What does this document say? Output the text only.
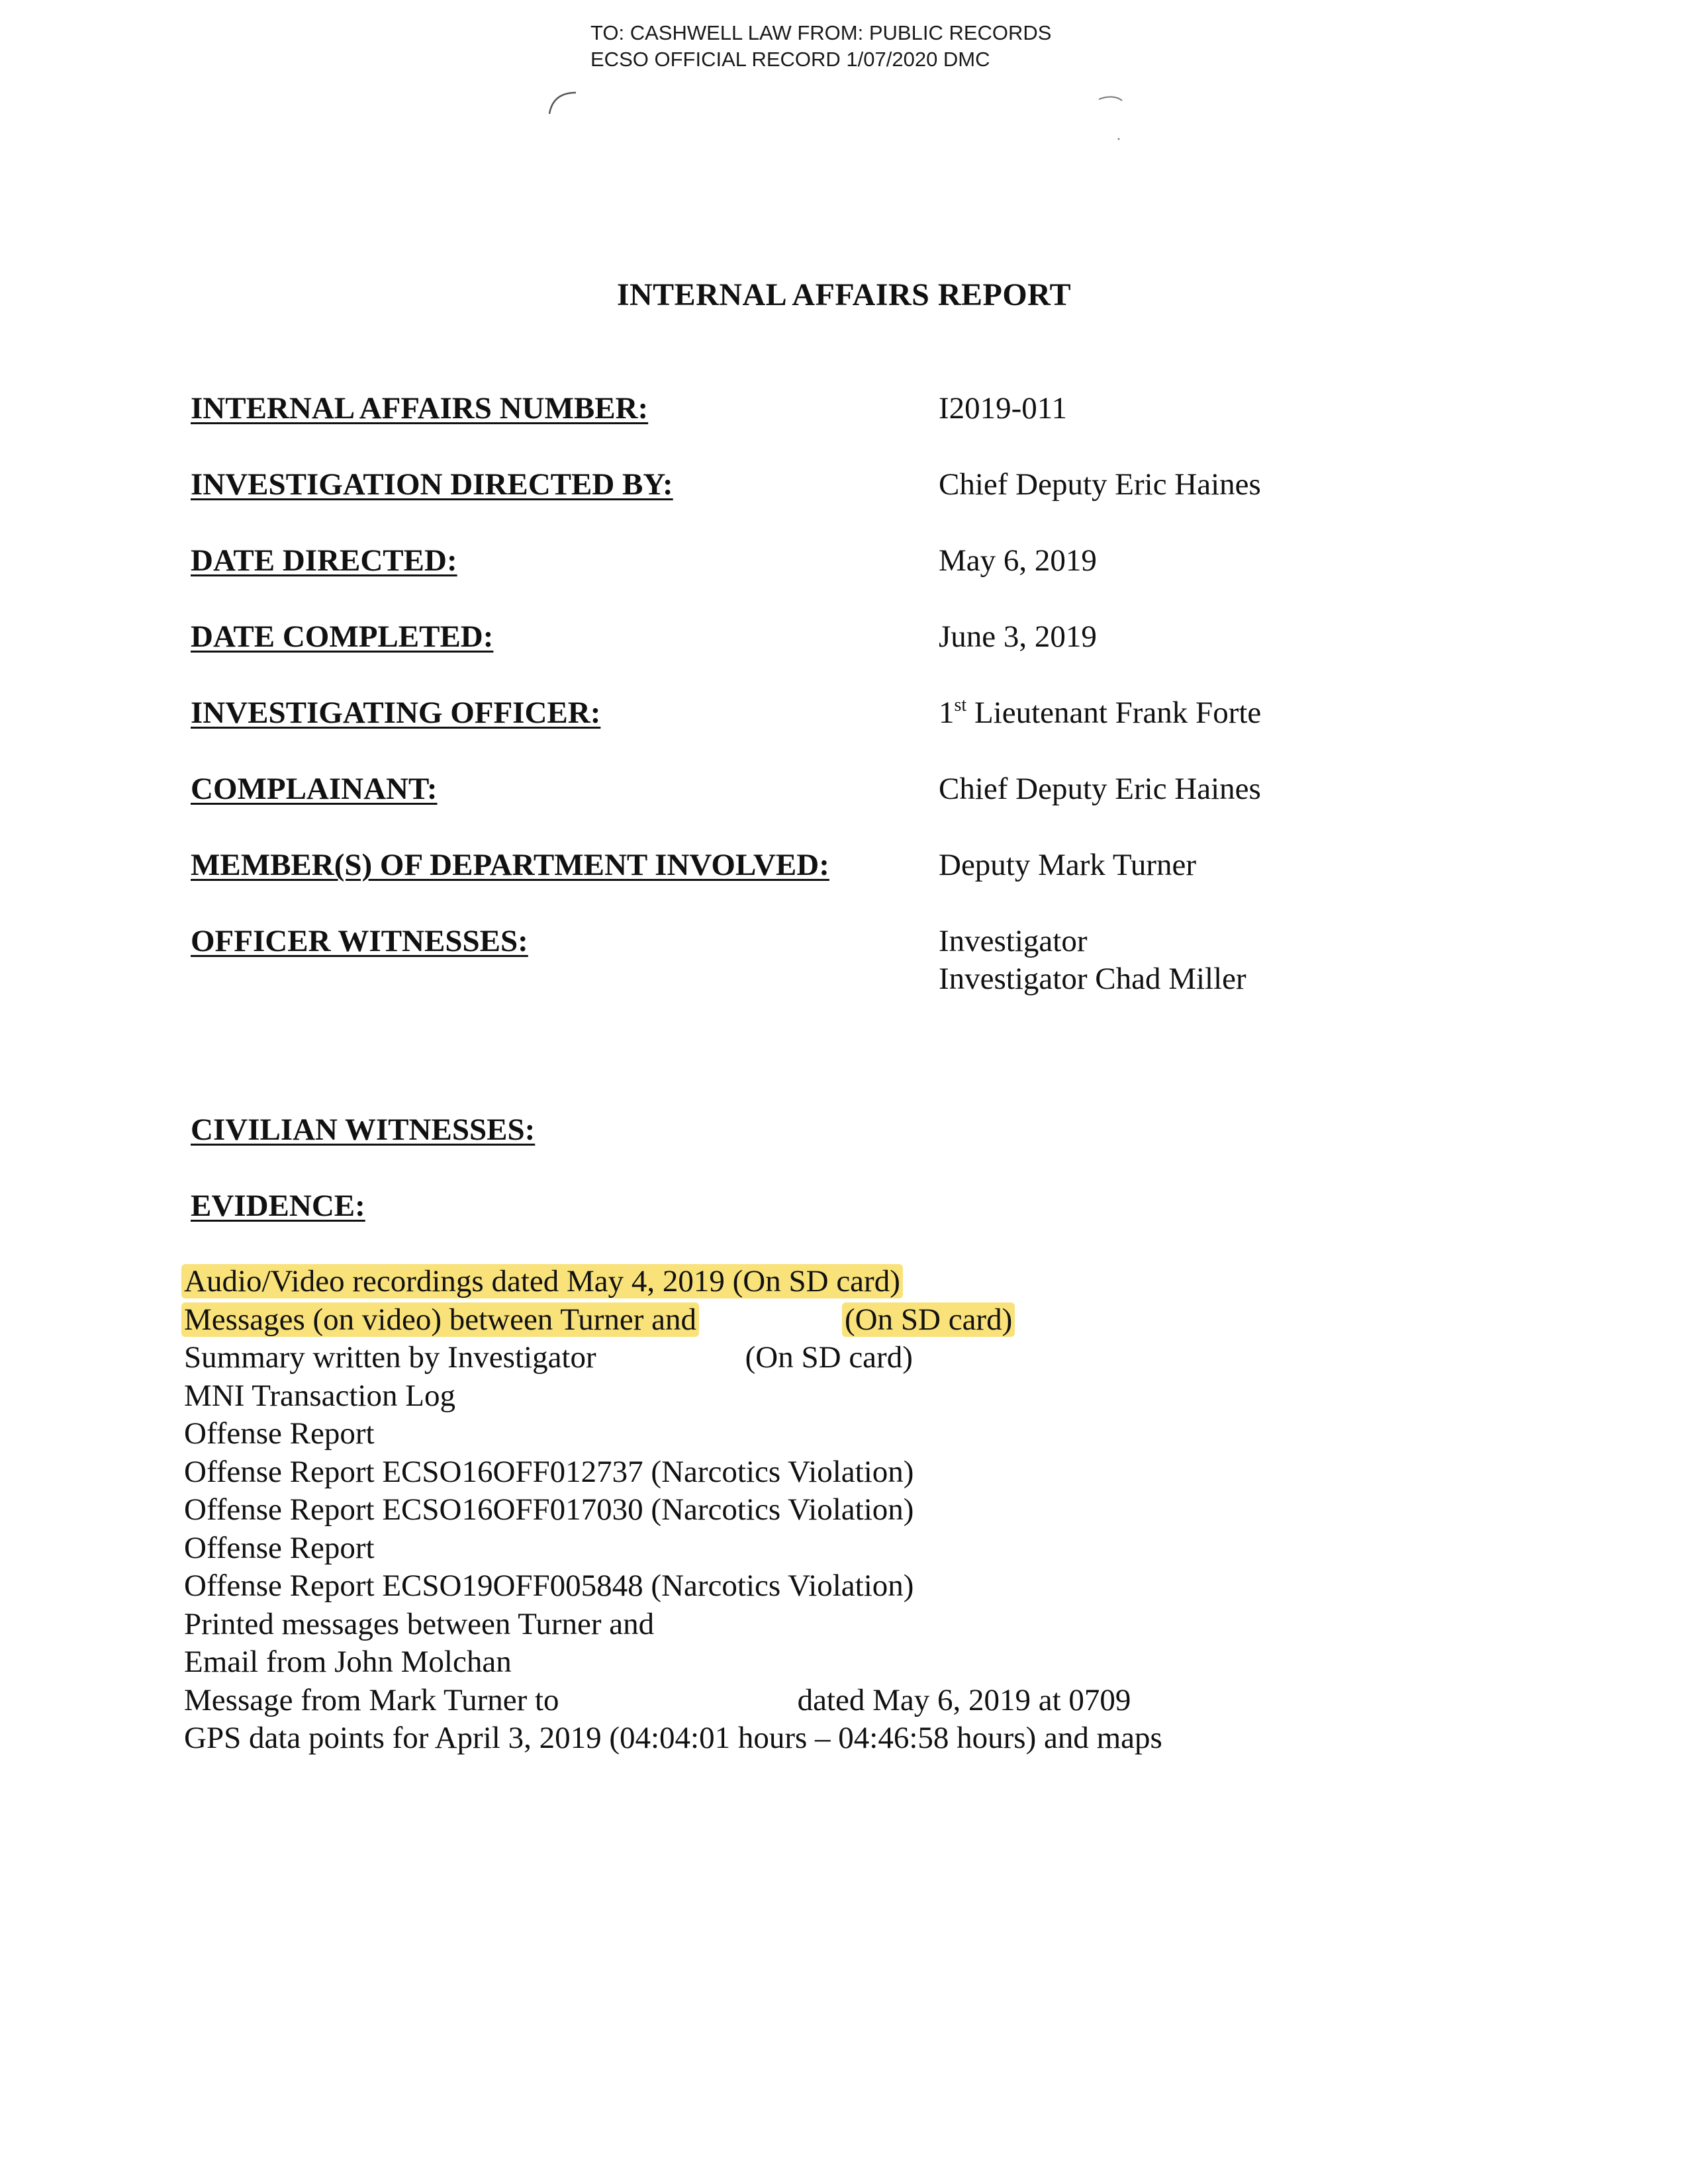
TO: CASHWELL LAW FROM: PUBLIC RECORDS
ECSO OFFICIAL RECORD 1/07/2020 DMC
INTERNAL AFFAIRS REPORT
INTERNAL AFFAIRS NUMBER:	I2019-011
INVESTIGATION DIRECTED BY:	Chief Deputy Eric Haines
DATE DIRECTED:	May 6, 2019
DATE COMPLETED:	June 3, 2019
INVESTIGATING OFFICER:	1st Lieutenant Frank Forte
COMPLAINANT:	Chief Deputy Eric Haines
MEMBER(S) OF DEPARTMENT INVOLVED:	Deputy Mark Turner
OFFICER WITNESSES:	Investigator
Investigator Chad Miller
CIVILIAN WITNESSES:
EVIDENCE:
Audio/Video recordings dated May 4, 2019 (On SD card)
Messages (on video) between Turner and	(On SD card)
Summary written by Investigator	(On SD card)
MNI Transaction Log
Offense Report
Offense Report ECSO16OFF012737 (Narcotics Violation)
Offense Report ECSO16OFF017030 (Narcotics Violation)
Offense Report
Offense Report ECSO19OFF005848 (Narcotics Violation)
Printed messages between Turner and
Email from John Molchan
Message from Mark Turner to	dated May 6, 2019 at 0709
GPS data points for April 3, 2019 (04:04:01 hours – 04:46:58 hours) and maps
